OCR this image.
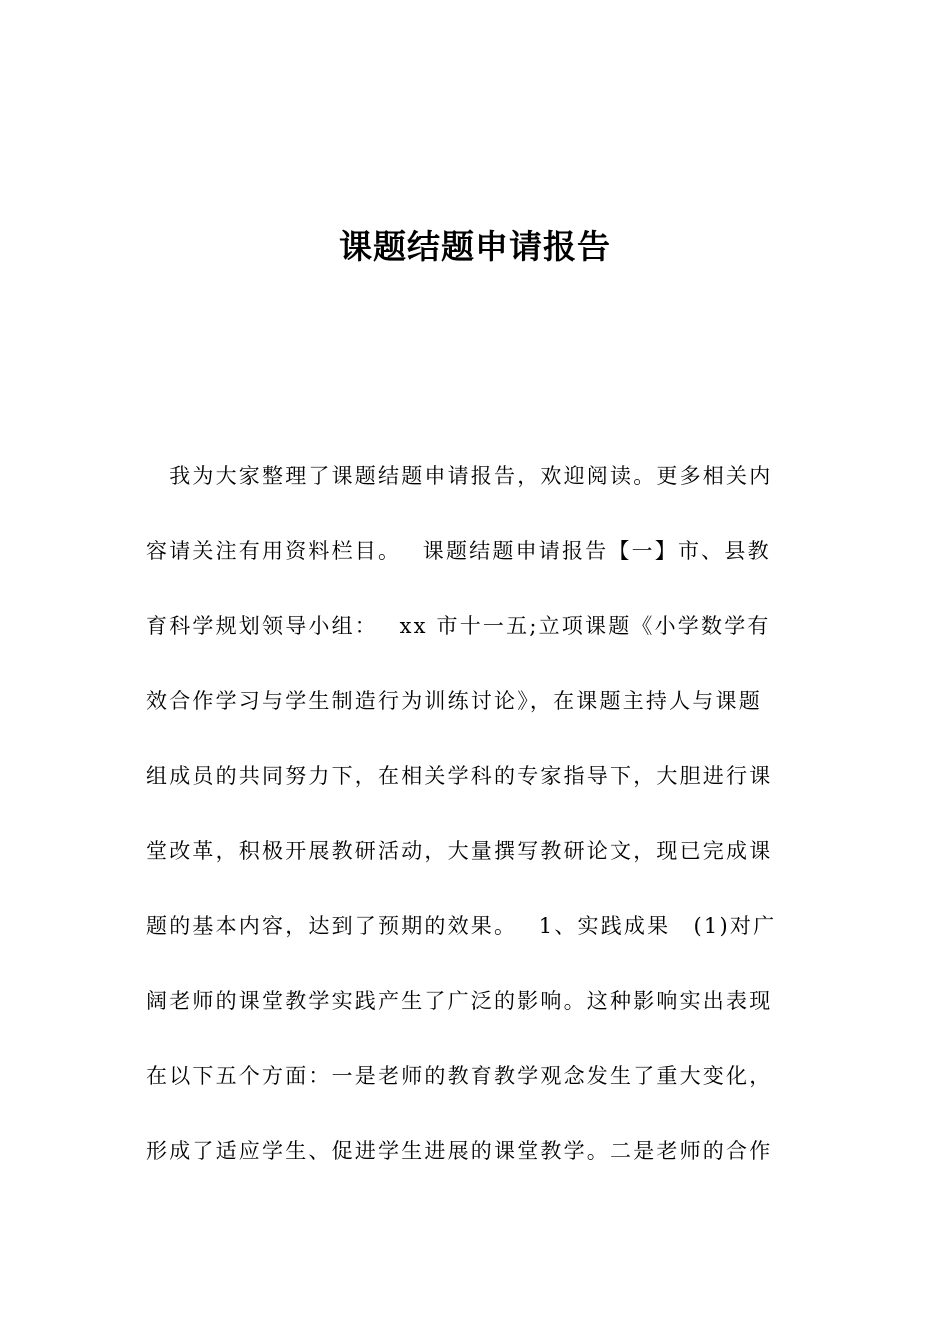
课题结题申请报告
　我为大家整理了课题结题申请报告，欢迎阅读。更多相关内
容请关注有用资料栏目。　 课题结题申请报告【一】市、县教
育科学规划领导小组：　 xx 市十一五;立项课题《小学数学有
效合作学习与学生制造行为训练讨论》，在课题主持人与课题
组成员的共同努力下，在相关学科的专家指导下，大胆进行课
堂改革，积极开展教研活动，大量撰写教研论文，现已完成课
题的基本内容，达到了预期的效果。　 1、实践成果　(1)对广
阔老师的课堂教学实践产生了广泛的影响。这种影响实出表现
在以下五个方面：一是老师的教育教学观念发生了重大变化，
形成了适应学生、促进学生进展的课堂教学。二是老师的合作
